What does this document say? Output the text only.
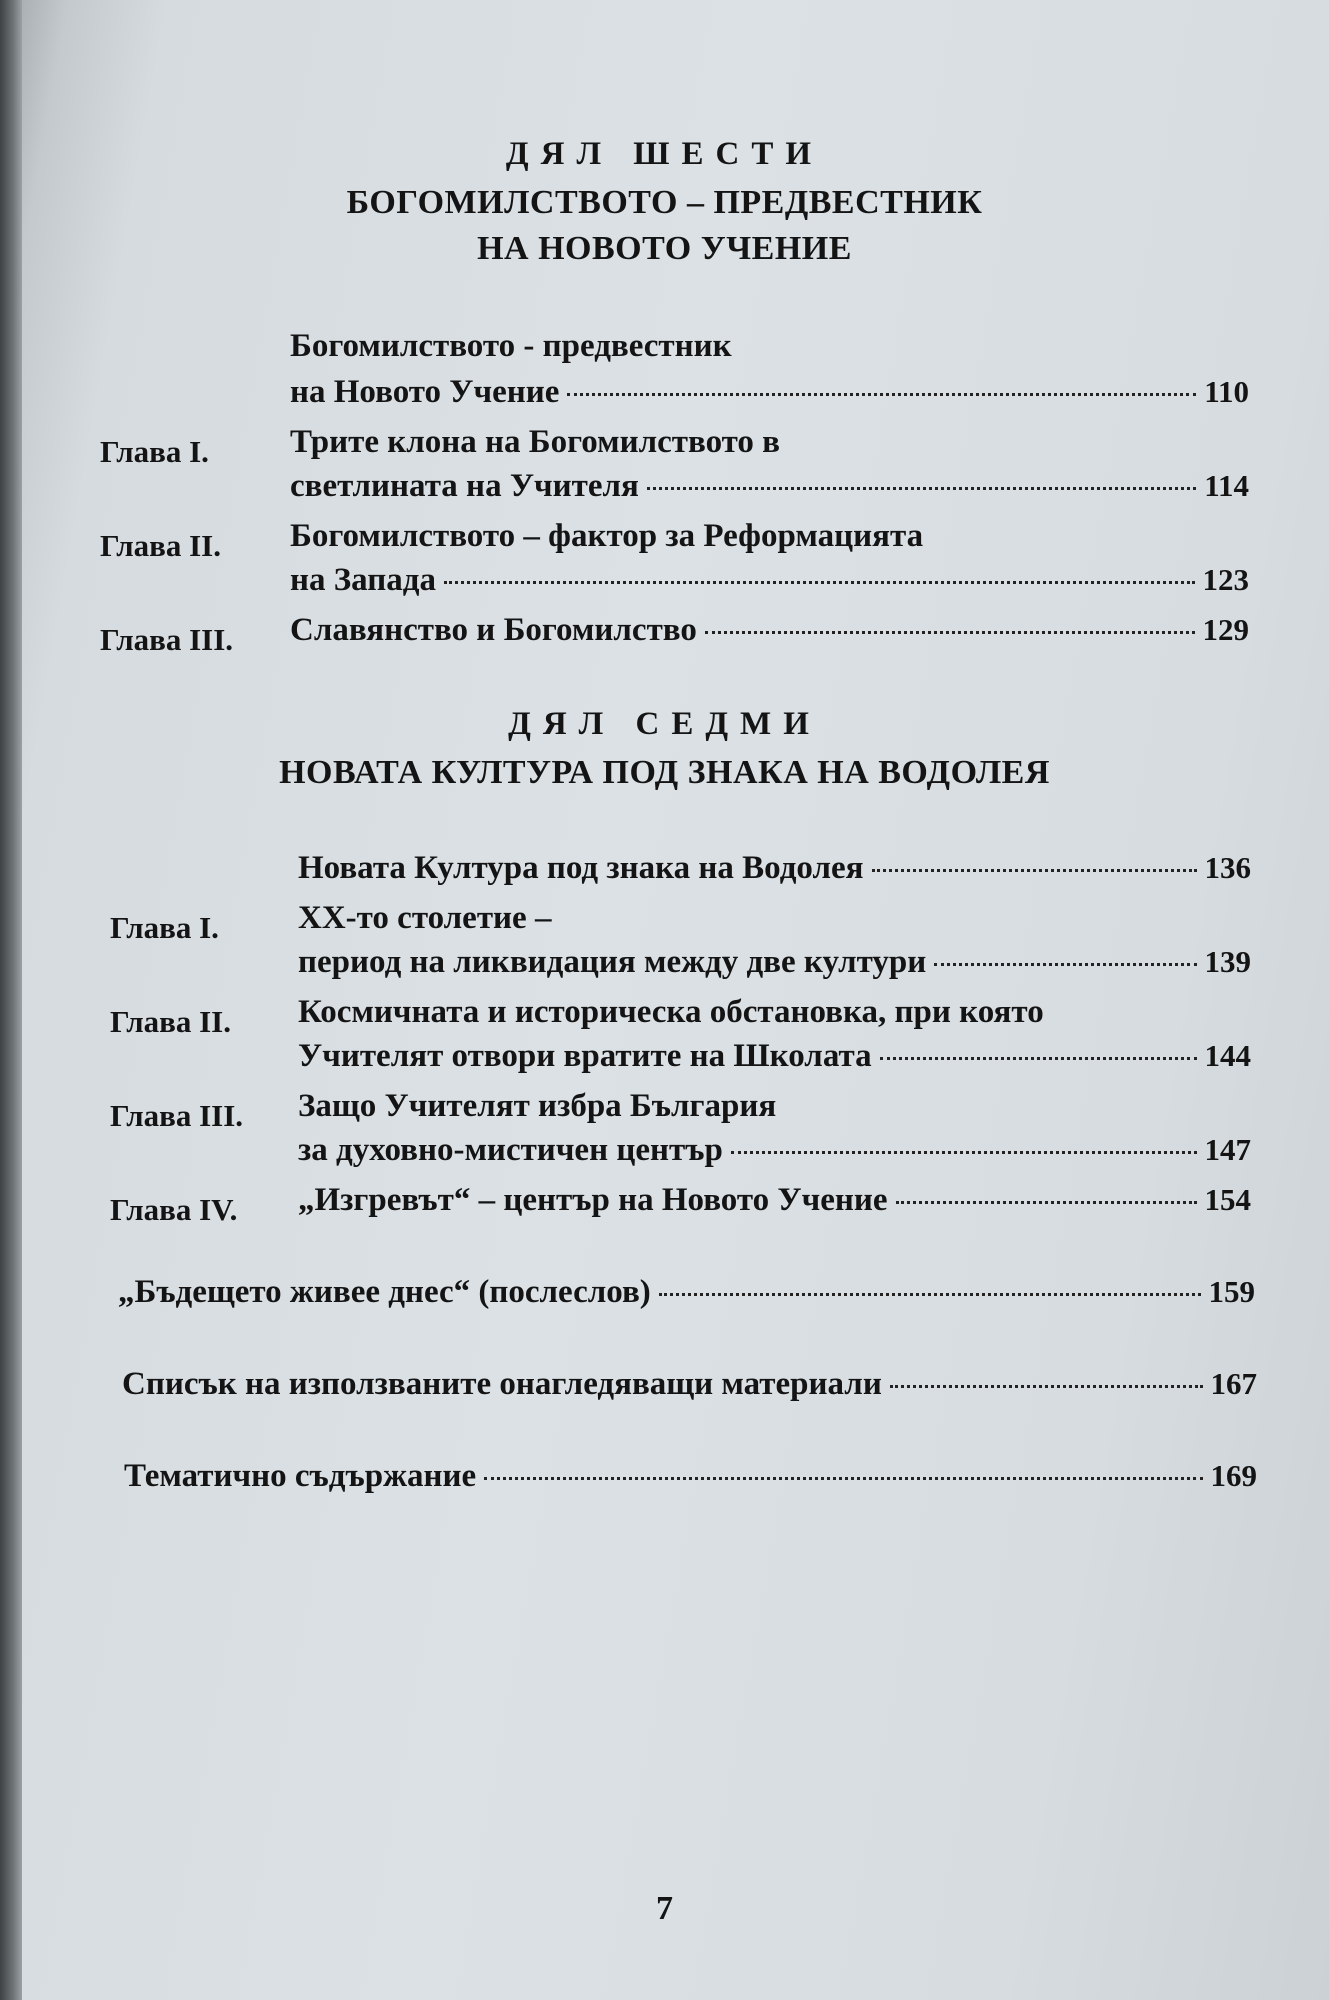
ДЯЛ ШЕСТИ
БОГОМИЛСТВОТО – ПРЕДВЕСТНИК
НА НОВОТО УЧЕНИЕ
Богомилството - предвестник
на Новото Учение	110
Глава I. Трите клона на Богомилството в
светлината на Учителя	114
Глава II. Богомилството – фактор за Реформацията
на Запада	123
Глава III. Славянство и Богомилство	129
ДЯЛ СЕДМИ
НОВАТА КУЛТУРА ПОД ЗНАКА НА ВОДОЛЕЯ
Новата Култура под знака на Водолея	136
Глава I. XX-то столетие –
период на ликвидация между две култури	139
Глава II. Космичната и историческа обстановка, при която
Учителят отвори вратите на Школата	144
Глава III. Защо Учителят избра България
за духовно-мистичен център	147
Глава IV. „Изгревът“ – център на Новото Учение	154
„Бъдещето живее днес“ (послеслов)	159
Списък на използваните онагледяващи материали	167
Тематично съдържание	169
7
